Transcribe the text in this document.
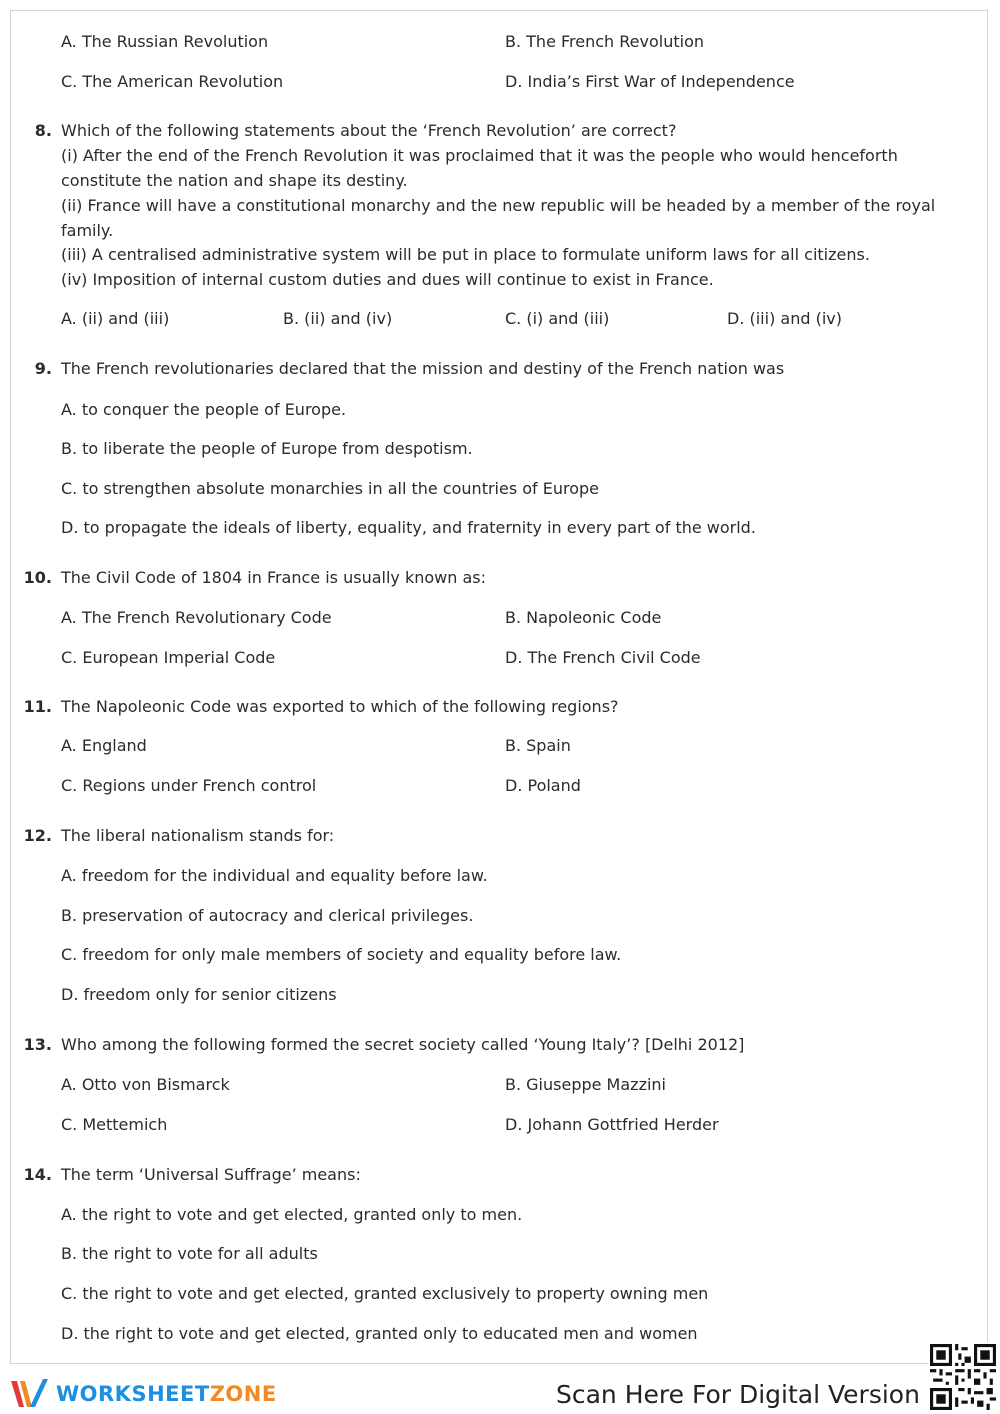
A. The Russian Revolution	B. The French Revolution
C. The American Revolution	D. India’s First War of Independence
8. Which of the following statements about the ‘French Revolution’ are correct?
(i) After the end of the French Revolution it was proclaimed that it was the people who would henceforth constitute the nation and shape its destiny.
(ii) France will have a constitutional monarchy and the new republic will be headed by a member of the royal family.
(iii) A centralised administrative system will be put in place to formulate uniform laws for all citizens.
(iv) Imposition of internal custom duties and dues will continue to exist in France.
A. (ii) and (iii)	B. (ii) and (iv)	C. (i) and (iii)	D. (iii) and (iv)
9. The French revolutionaries declared that the mission and destiny of the French nation was
A. to conquer the people of Europe.
B. to liberate the people of Europe from despotism.
C. to strengthen absolute monarchies in all the countries of Europe
D. to propagate the ideals of liberty, equality, and fraternity in every part of the world.
10. The Civil Code of 1804 in France is usually known as:
A. The French Revolutionary Code	B. Napoleonic Code
C. European Imperial Code	D. The French Civil Code
11. The Napoleonic Code was exported to which of the following regions?
A. England	B. Spain
C. Regions under French control	D. Poland
12. The liberal nationalism stands for:
A. freedom for the individual and equality before law.
B. preservation of autocracy and clerical privileges.
C. freedom for only male members of society and equality before law.
D. freedom only for senior citizens
13. Who among the following formed the secret society called ‘Young Italy’? [Delhi 2012]
A. Otto von Bismarck	B. Giuseppe Mazzini
C. Mettemich	D. Johann Gottfried Herder
14. The term ‘Universal Suffrage’ means:
A. the right to vote and get elected, granted only to men.
B. the right to vote for all adults
C. the right to vote and get elected, granted exclusively to property owning men
D. the right to vote and get elected, granted only to educated men and women
WORKSHEETZONE	Scan Here For Digital Version
